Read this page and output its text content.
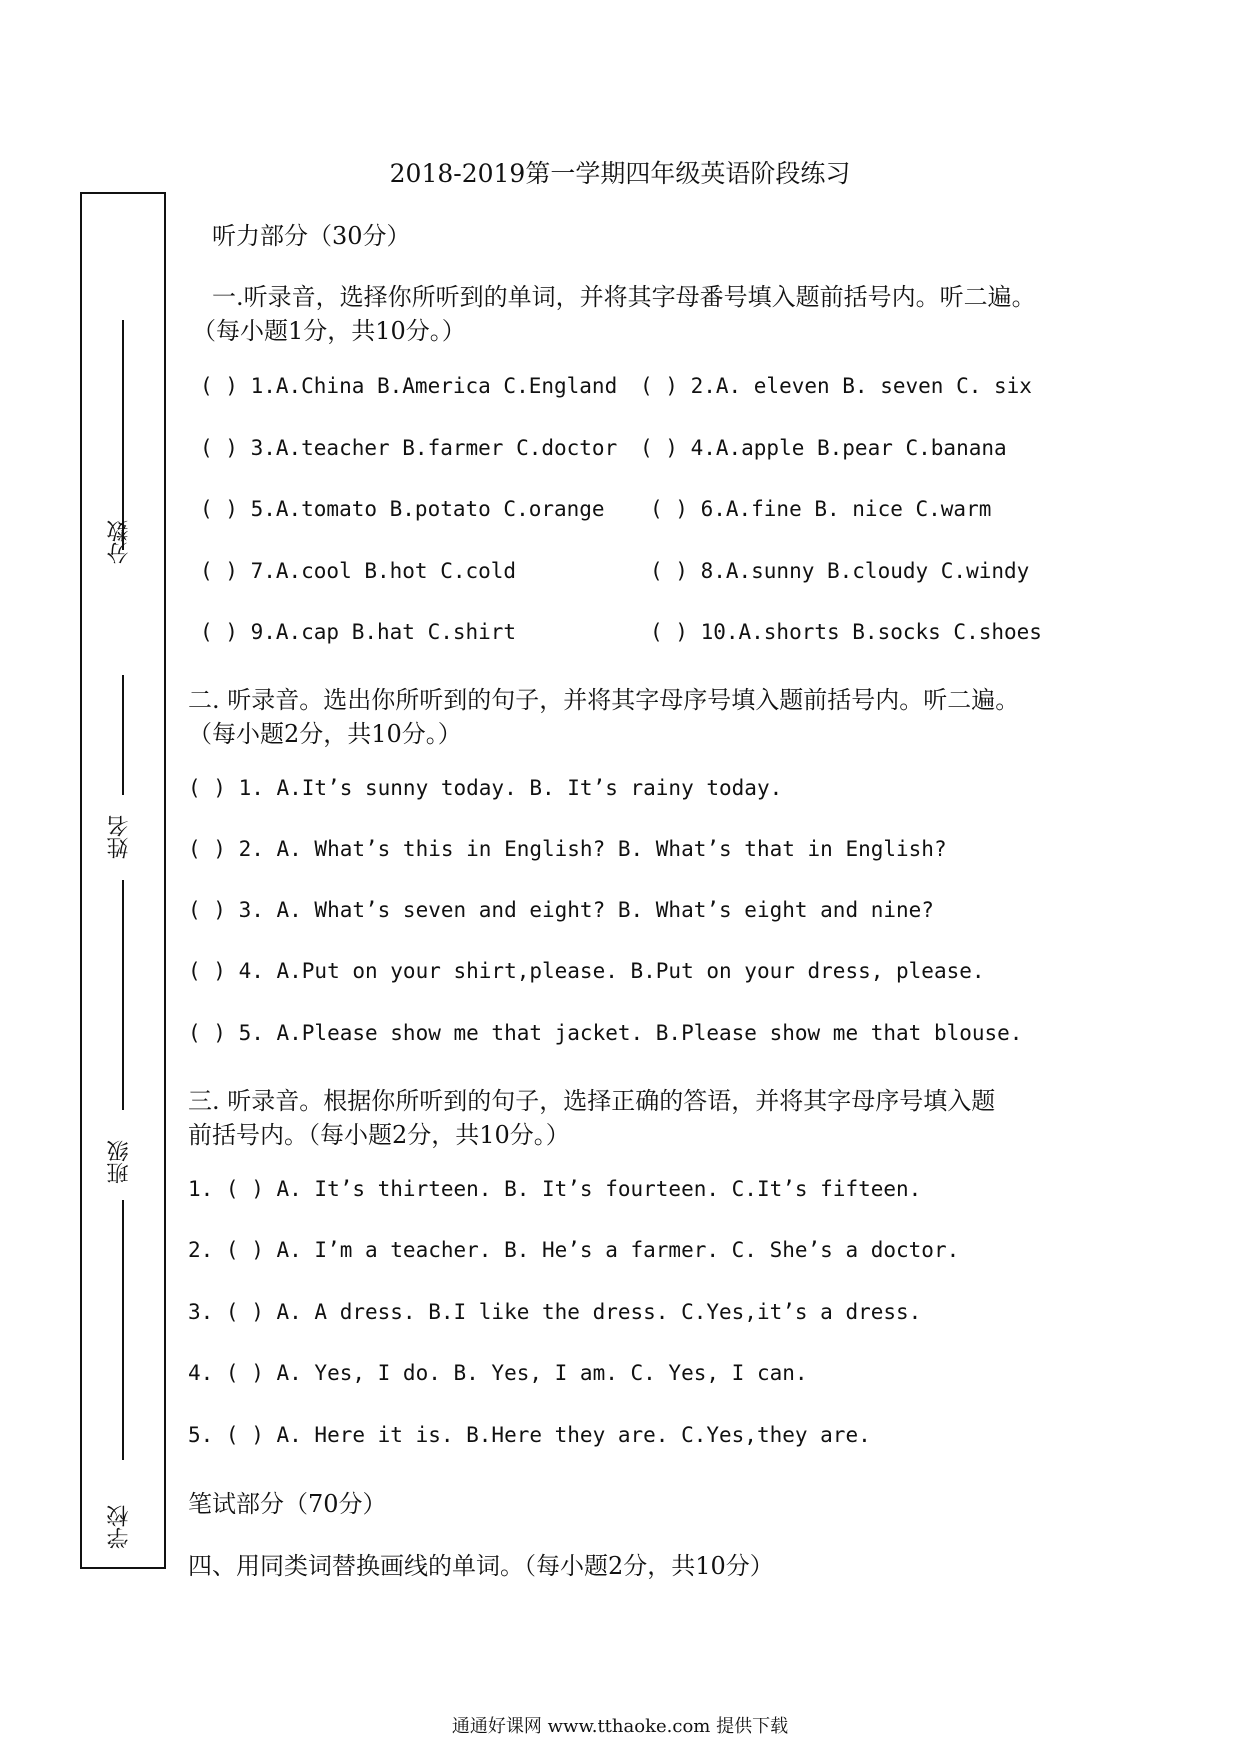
2018-2019第一学期四年级英语阶段练习
分数
姓名
班级
学校
听力部分（30分）
一.听录音，选择你所听到的单词，并将其字母番号填入题前括号内。听二遍。
（每小题1分，共10分。）
( ) 1.A.China B.America C.England ( ) 2.A. eleven B. seven C. six
( ) 3.A.teacher B.farmer C.doctor ( ) 4.A.apple B.pear C.banana
( ) 5.A.tomato B.potato C.orange ( ) 6.A.fine B. nice C.warm
( ) 7.A.cool B.hot C.cold	( ) 8.A.sunny B.cloudy C.windy
( ) 9.A.cap B.hat C.shirt	( ) 10.A.shorts B.socks C.shoes
二. 听录音。选出你所听到的句子，并将其字母序号填入题前括号内。听二遍。
（每小题2分，共10分。）
( ) 1. A.It’s sunny today. B. It’s rainy today.
( ) 2. A. What’s this in English? B. What’s that in English?
( ) 3. A. What’s seven and eight? B. What’s eight and nine?
( ) 4. A.Put on your shirt,please. B.Put on your dress, please.
( ) 5. A.Please show me that jacket. B.Please show me that blouse.
三. 听录音。根据你所听到的句子，选择正确的答语，并将其字母序号填入题
前括号内。（每小题2分，共10分。）
1. ( ) A. It’s thirteen. B. It’s fourteen. C.It’s fifteen.
2. ( ) A. I’m a teacher. B. He’s a farmer. C. She’s a doctor.
3. ( ) A. A dress. B.I like the dress. C.Yes,it’s a dress.
4. ( ) A. Yes, I do. B. Yes, I am. C. Yes, I can.
5. ( ) A. Here it is. B.Here they are. C.Yes,they are.
笔试部分（70分）
四、用同类词替换画线的单词。（每小题2分，共10分）
通通好课网 www.tthaoke.com 提供下载
